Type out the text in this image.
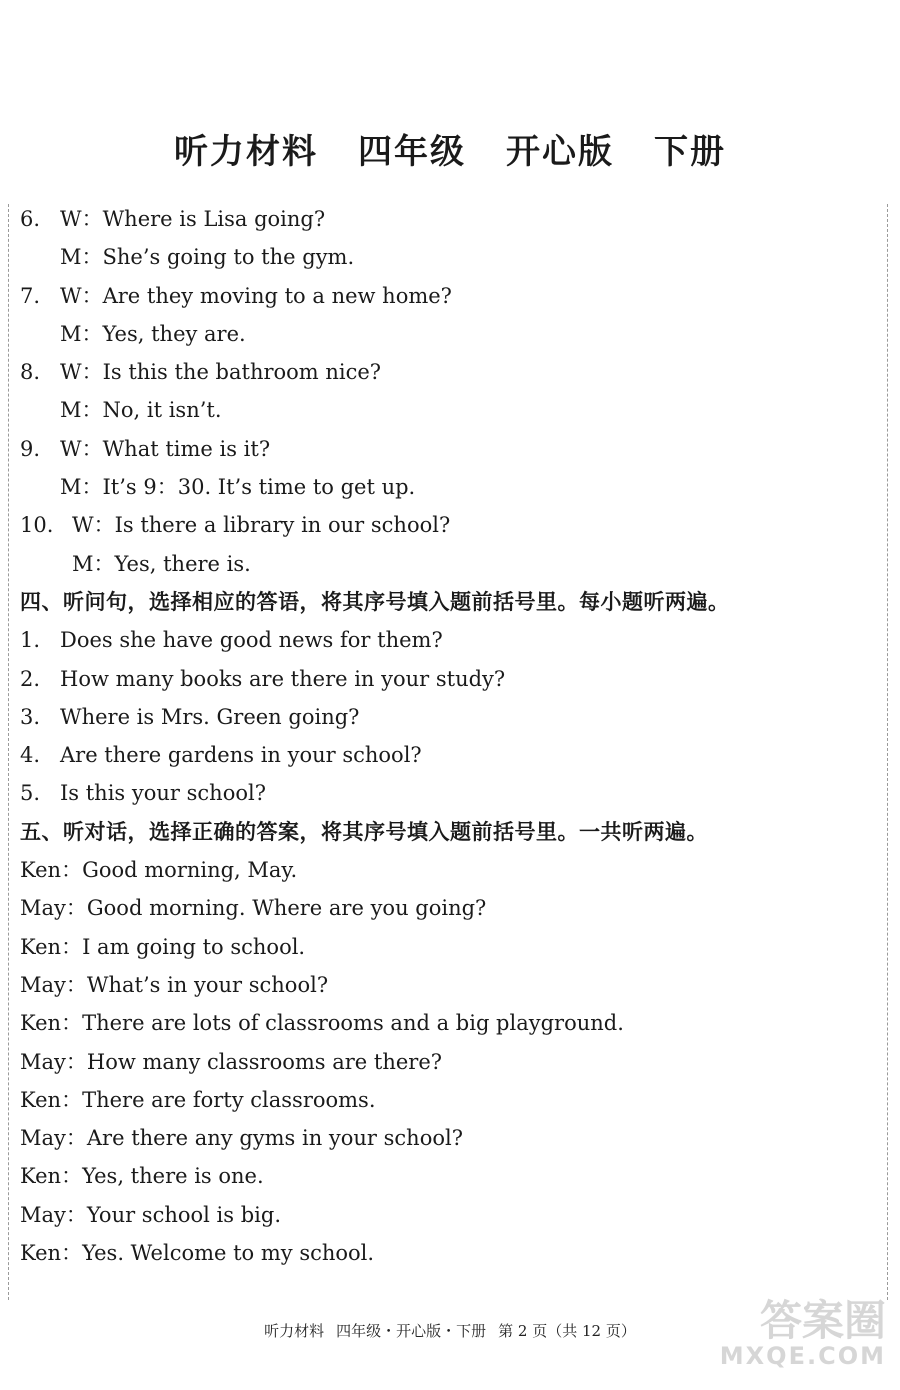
听力材料 四年级 开心版 下册
6. W：Where is Lisa going?
M：She’s going to the gym.
7. W：Are they moving to a new home?
M：Yes, they are.
8. W：Is this the bathroom nice?
M：No, it isn’t.
9. W：What time is it?
M：It’s 9：30. It’s time to get up.
10. W：Is there a library in our school?
M：Yes, there is.
四、听问句，选择相应的答语，将其序号填入题前括号里。每小题听两遍。
1. Does she have good news for them?
2. How many books are there in your study?
3. Where is Mrs. Green going?
4. Are there gardens in your school?
5. Is this your school?
五、听对话，选择正确的答案，将其序号填入题前括号里。一共听两遍。
Ken：Good morning, May.
May：Good morning. Where are you going?
Ken：I am going to school.
May：What’s in your school?
Ken：There are lots of classrooms and a big playground.
May：How many classrooms are there?
Ken：There are forty classrooms.
May：Are there any gyms in your school?
Ken：Yes, there is one.
May：Your school is big.
Ken：Yes. Welcome to my school.
听力材料 四年级・开心版・下册 第 2 页（共 12 页）	答案圈
MXQE.COM
